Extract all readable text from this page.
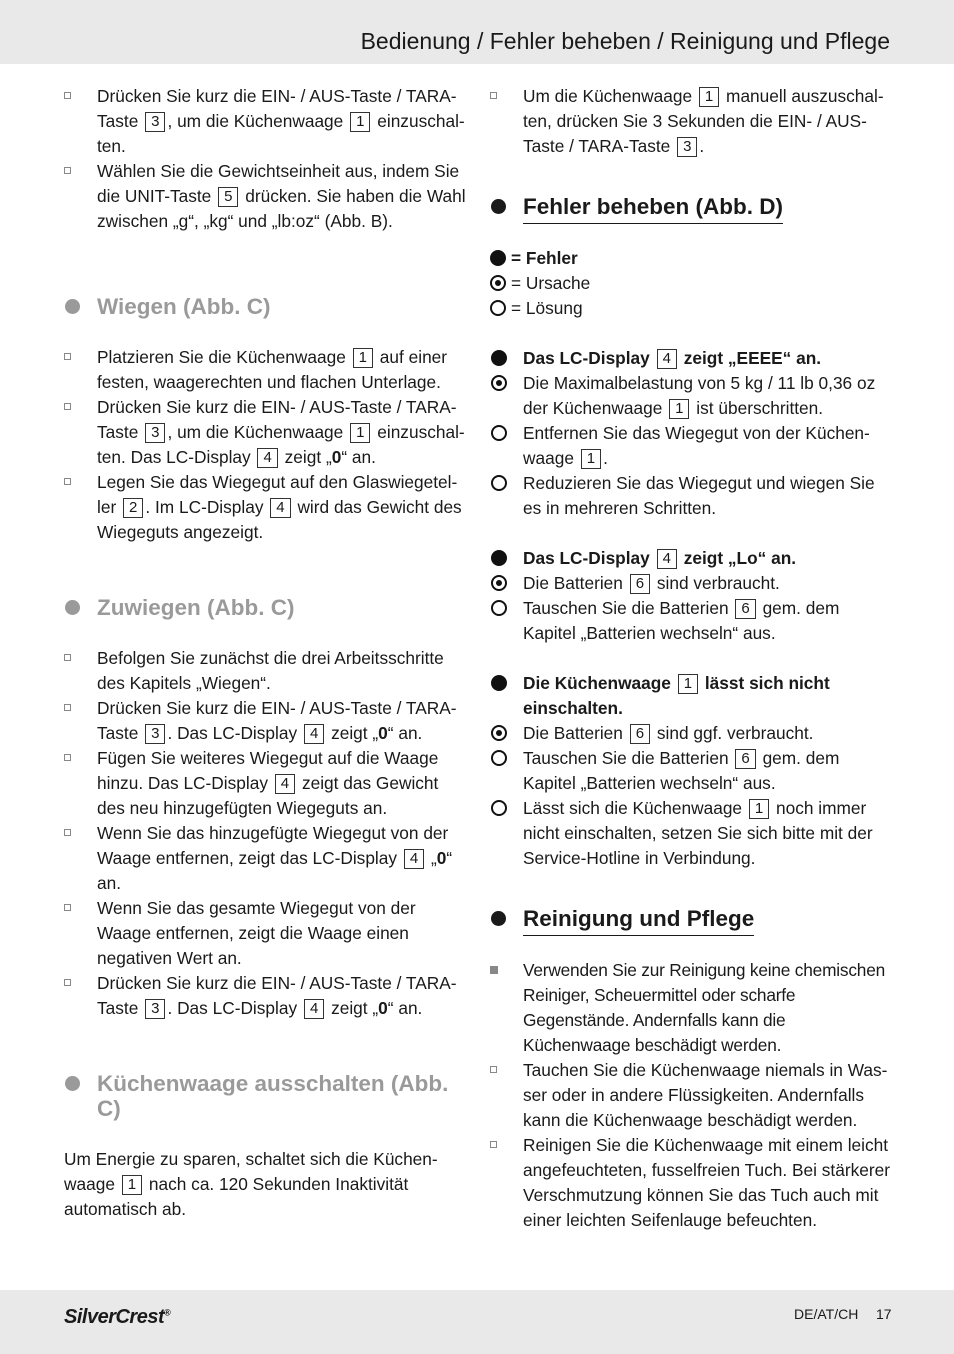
Bedienung / Fehler beheben / Reinigung und Pflege
Drücken Sie kurz die EIN- / AUS-Taste / TARA-Taste 3 , um die Küchenwaage 1 einzuschal-ten.
Wählen Sie die Gewichtseinheit aus, indem Sie die UNIT-Taste 5 drücken. Sie haben die Wahl zwischen „g“, „kg“ und „lb:oz“ (Abb. B).
Wiegen (Abb. C)
Platzieren Sie die Küchenwaage 1 auf einer festen, waagerechten und flachen Unterlage.
Drücken Sie kurz die EIN- / AUS-Taste / TARA-Taste 3 , um die Küchenwaage 1 einzuschal-ten. Das LC-Display 4 zeigt „0“ an.
Legen Sie das Wiegegut auf den Glaswiegetel-ler 2 . Im LC-Display 4 wird das Gewicht des Wiegeguts angezeigt.
Zuwiegen (Abb. C)
Befolgen Sie zunächst die drei Arbeitsschritte des Kapitels „Wiegen“.
Drücken Sie kurz die EIN- / AUS-Taste / TARA-Taste 3 . Das LC-Display 4 zeigt „0“ an.
Fügen Sie weiteres Wiegegut auf die Waage hinzu. Das LC-Display 4 zeigt das Gewicht des neu hinzugefügten Wiegeguts an.
Wenn Sie das hinzugefügte Wiegegut von der Waage entfernen, zeigt das LC-Display 4 „0“ an.
Wenn Sie das gesamte Wiegegut von der Waage entfernen, zeigt die Waage einen negativen Wert an.
Drücken Sie kurz die EIN- / AUS-Taste / TARA-Taste 3 . Das LC-Display 4 zeigt „0“ an.
Küchenwaage ausschalten (Abb. C)
Um Energie zu sparen, schaltet sich die Küchen-waage 1 nach ca. 120 Sekunden Inaktivität automatisch ab.
Um die Küchenwaage 1 manuell auszuschal-ten, drücken Sie 3 Sekunden die EIN- / AUS-Taste / TARA-Taste 3 .
Fehler beheben (Abb. D)
= Fehler
= Ursache
= Lösung
Das LC-Display 4 zeigt „EEEE“ an.
Die Maximalbelastung von 5 kg / 11 lb 0,36 oz der Küchenwaage 1 ist überschritten.
Entfernen Sie das Wiegegut von der Küchen-waage 1 .
Reduzieren Sie das Wiegegut und wiegen Sie es in mehreren Schritten.
Das LC-Display 4 zeigt „Lo“ an.
Die Batterien 6 sind verbraucht.
Tauschen Sie die Batterien 6 gem. dem Kapitel „Batterien wechseln“ aus.
Die Küchenwaage 1 lässt sich nicht einschalten.
Die Batterien 6 sind ggf. verbraucht.
Tauschen Sie die Batterien 6 gem. dem Kapitel „Batterien wechseln“ aus.
Lässt sich die Küchenwaage 1 noch immer nicht einschalten, setzen Sie sich bitte mit der Service-Hotline in Verbindung.
Reinigung und Pflege
Verwenden Sie zur Reinigung keine chemischen Reiniger, Scheuermittel oder scharfe Gegenstände. Andernfalls kann die Küchenwaage beschädigt werden.
Tauchen Sie die Küchenwaage niemals in Was-ser oder in andere Flüssigkeiten. Andernfalls kann die Küchenwaage beschädigt werden.
Reinigen Sie die Küchenwaage mit einem leicht angefeuchteten, fusselfreien Tuch. Bei stärkerer Verschmutzung können Sie das Tuch auch mit einer leichten Seifenlauge befeuchten.
SilverCrest®	DE/AT/CH 17
